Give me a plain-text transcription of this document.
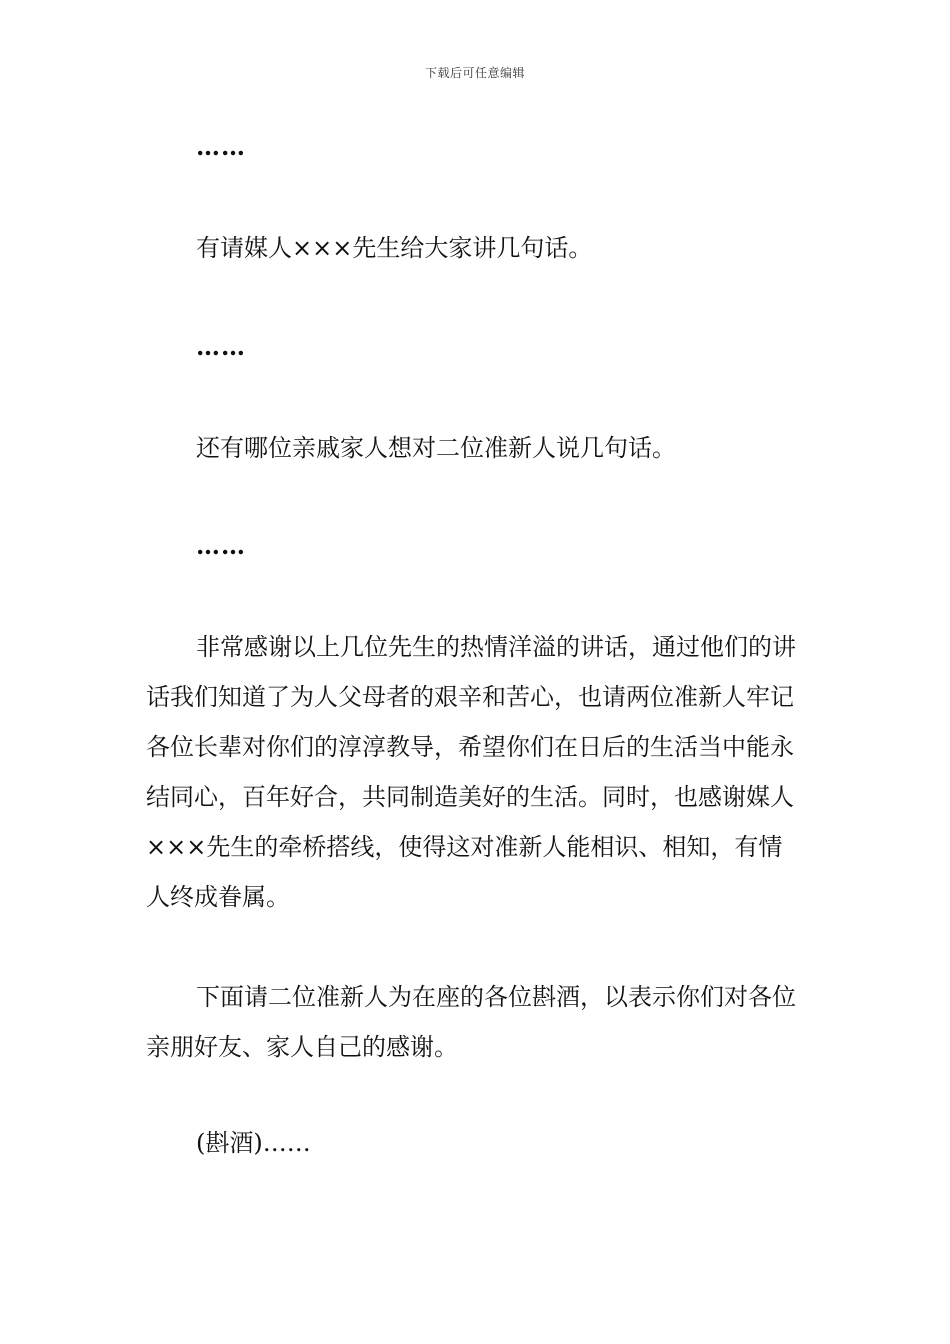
下载后可任意编辑

……

有请媒人×××先生给大家讲几句话。

……

还有哪位亲戚家人想对二位准新人说几句话。

……

非常感谢以上几位先生的热情洋溢的讲话，通过他们的讲话我们知道了为人父母者的艰辛和苦心，也请两位准新人牢记各位长辈对你们的淳淳教导，希望你们在日后的生活当中能永结同心，百年好合，共同制造美好的生活。同时，也感谢媒人×××先生的牵桥搭线，使得这对准新人能相识、相知，有情人终成眷属。

下面请二位准新人为在座的各位斟酒，以表示你们对各位亲朋好友、家人自己的感谢。

(斟酒)……
